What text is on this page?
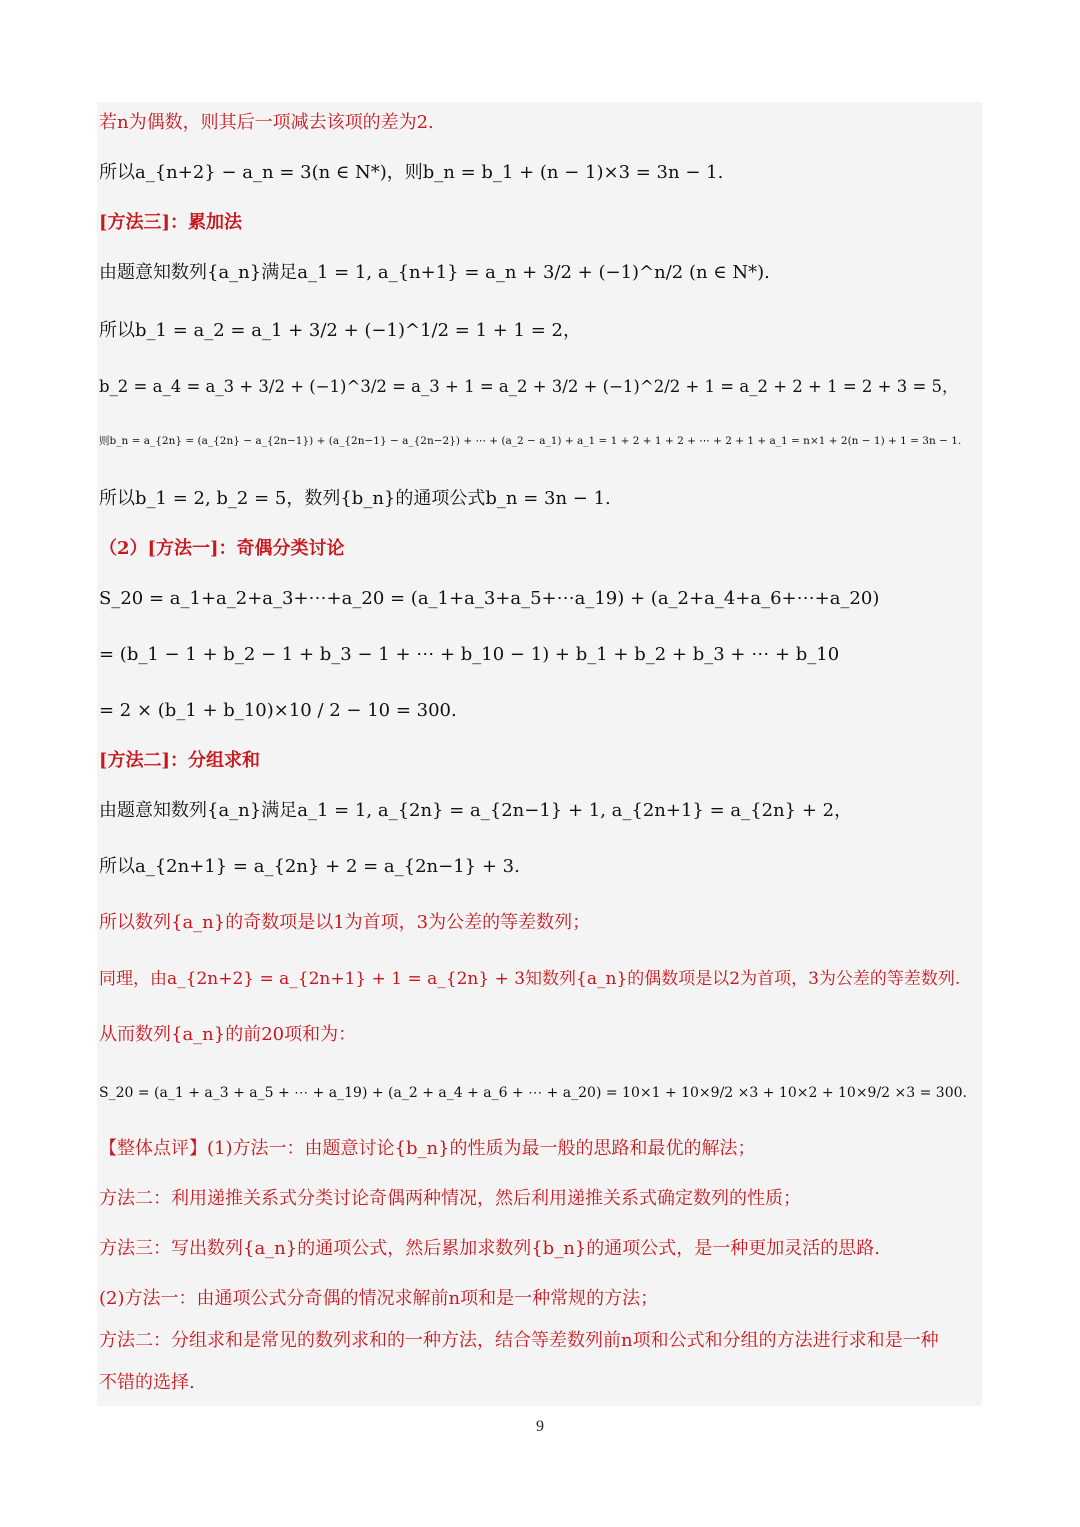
若n为偶数，则其后一项减去该项的差为2.
所以a_{n+2} − a_n = 3(n ∈ N*)，则b_n = b_1 + (n − 1)×3 = 3n − 1.
[方法三]：累加法
由题意知数列{a_n}满足a_1 = 1, a_{n+1} = a_n + 3/2 + (−1)^n/2 (n ∈ N*).
所以b_1 = a_2 = a_1 + 3/2 + (−1)^1/2 = 1 + 1 = 2，
b_2 = a_4 = a_3 + 3/2 + (−1)^3/2 = a_3 + 1 = a_2 + 3/2 + (−1)^2/2 + 1 = a_2 + 2 + 1 = 2 + 3 = 5，
则b_n = a_{2n} = (a_{2n} − a_{2n−1}) + (a_{2n−1} − a_{2n−2}) + ⋯ + (a_2 − a_1) + a_1 = 1 + 2 + 1 + 2 + ⋯ + 2 + 1 + a_1 = n×1 + 2(n − 1) + 1 = 3n − 1.
所以b_1 = 2, b_2 = 5，数列{b_n}的通项公式b_n = 3n − 1.
（2）[方法一]：奇偶分类讨论
S_20 = a_1+a_2+a_3+⋯+a_20 = (a_1+a_3+a_5+⋯a_19) + (a_2+a_4+a_6+⋯+a_20)
= (b_1 − 1 + b_2 − 1 + b_3 − 1 + ⋯ + b_10 − 1) + b_1 + b_2 + b_3 + ⋯ + b_10
= 2 × (b_1 + b_10)×10 / 2 − 10 = 300.
[方法二]：分组求和
由题意知数列{a_n}满足a_1 = 1, a_{2n} = a_{2n−1} + 1, a_{2n+1} = a_{2n} + 2，
所以a_{2n+1} = a_{2n} + 2 = a_{2n−1} + 3.
所以数列{a_n}的奇数项是以1为首项，3为公差的等差数列；
同理，由a_{2n+2} = a_{2n+1} + 1 = a_{2n} + 3知数列{a_n}的偶数项是以2为首项，3为公差的等差数列.
从而数列{a_n}的前20项和为：
S_20 = (a_1 + a_3 + a_5 + ⋯ + a_19) + (a_2 + a_4 + a_6 + ⋯ + a_20) = 10×1 + 10×9/2 ×3 + 10×2 + 10×9/2 ×3 = 300.
【整体点评】(1)方法一：由题意讨论{b_n}的性质为最一般的思路和最优的解法；
方法二：利用递推关系式分类讨论奇偶两种情况，然后利用递推关系式确定数列的性质；
方法三：写出数列{a_n}的通项公式，然后累加求数列{b_n}的通项公式，是一种更加灵活的思路.
(2)方法一：由通项公式分奇偶的情况求解前n项和是一种常规的方法；
方法二：分组求和是常见的数列求和的一种方法，结合等差数列前n项和公式和分组的方法进行求和是一种
不错的选择.
9
